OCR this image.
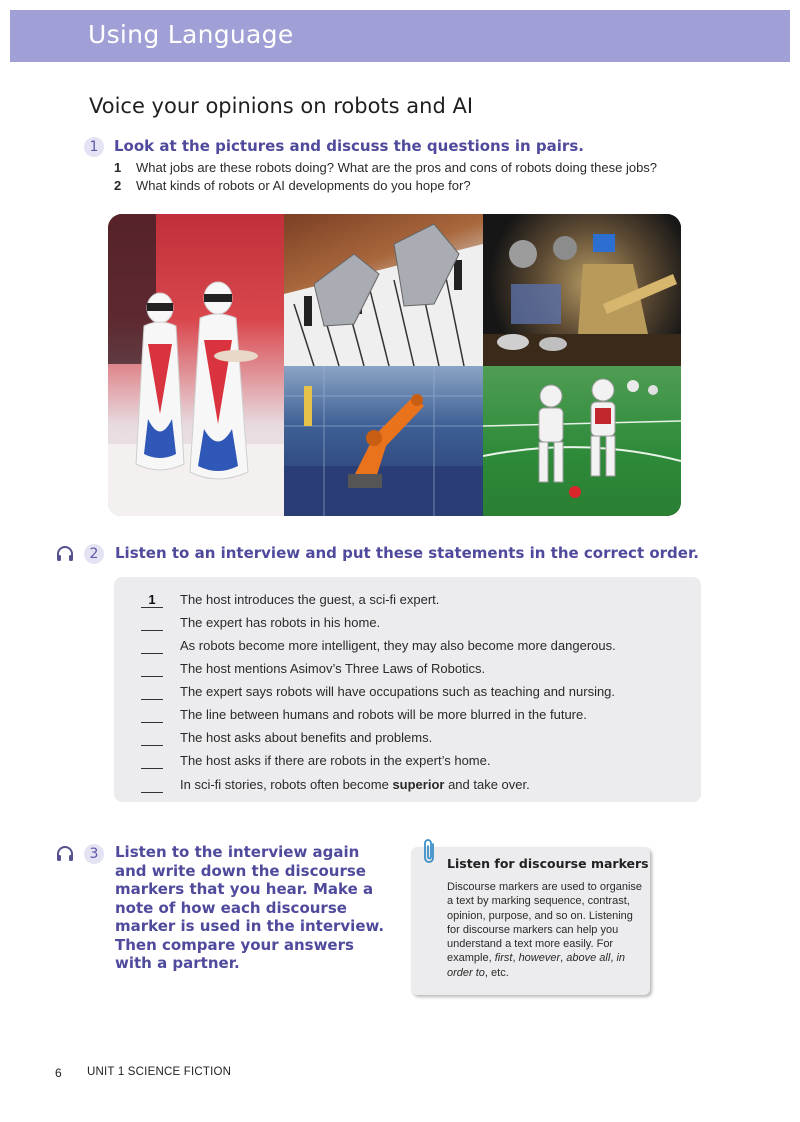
Using Language
Voice your opinions on robots and AI
1	Look at the pictures and discuss the questions in pairs.
1 What jobs are these robots doing? What are the pros and cons of robots doing these jobs?
2 What kinds of robots or AI developments do you hope for?
2	Listen to an interview and put these statements in the correct order.
1	The host introduces the guest, a sci-fi expert.
The expert has robots in his home.
As robots become more intelligent, they may also become more dangerous.
The host mentions Asimov’s Three Laws of Robotics.
The expert says robots will have occupations such as teaching and nursing.
The line between humans and robots will be more blurred in the future.
The host asks about benefits and problems.
The host asks if there are robots in the expert’s home.
In sci-fi stories, robots often become superior and take over.
3	Listen to the interview again and write down the discourse markers that you hear. Make a note of how each discourse marker is used in the interview. Then compare your answers with a partner.
Listen for discourse markers
Discourse markers are used to organise a text by marking sequence, contrast, opinion, purpose, and so on. Listening for discourse markers can help you understand a text more easily. For example, first, however, above all, in order to, etc.
6 UNIT 1 SCIENCE FICTION
